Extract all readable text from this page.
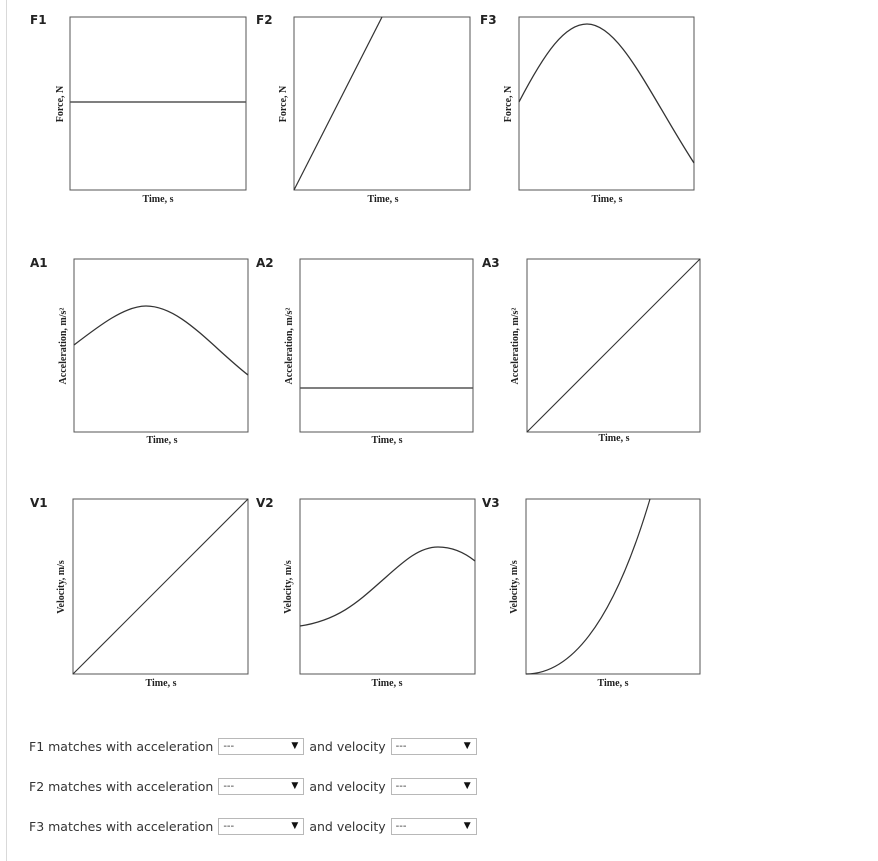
F1	F2	F3
A1	A2	A3
V1	V2	V3
Time, s
Force, N
Time, s
Force, N
Time, s
Force, N
Time, s
Acceleration, m/s²
Time, s
Acceleration, m/s²
Time, s
Acceleration, m/s²
Time, s
Velocity, m/s
Time, s
Velocity, m/s
Time, s
Velocity, m/s
F1 matches with acceleration ---	▼ and velocity ---	▼
F2 matches with acceleration ---	▼ and velocity ---	▼
F3 matches with acceleration ---	▼ and velocity ---	▼
